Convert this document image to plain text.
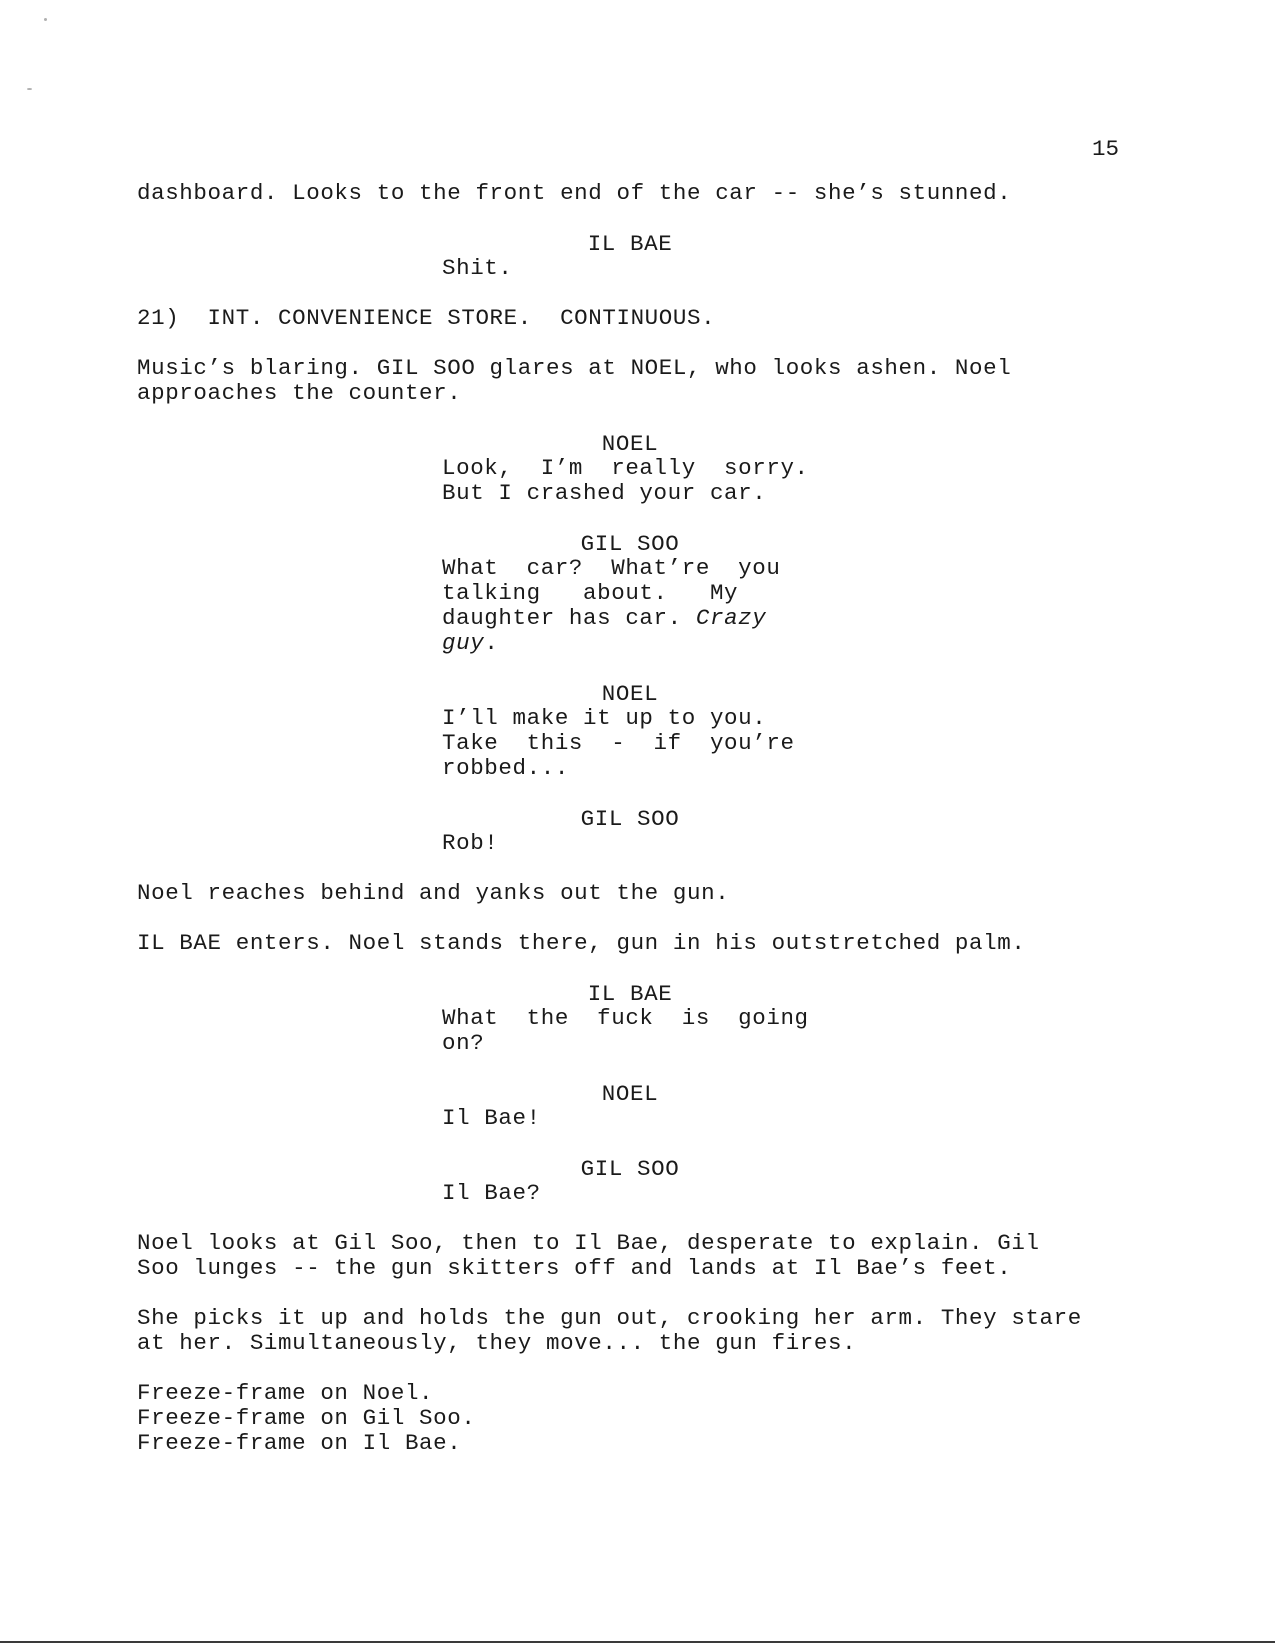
15
dashboard. Looks to the front end of the car -- she’s stunned.
IL BAE
Shit.
21)  INT. CONVENIENCE STORE.  CONTINUOUS.
Music’s blaring. GIL SOO glares at NOEL, who looks ashen. Noel
approaches the counter.
NOEL
Look,  I’m  really  sorry.
But I crashed your car.
GIL SOO
What  car?  What’re  you
talking   about.   My
daughter has car. Crazy
guy.
NOEL
I’ll make it up to you.
Take  this  -  if  you’re
robbed...
GIL SOO
Rob!
Noel reaches behind and yanks out the gun.
IL BAE enters. Noel stands there, gun in his outstretched palm.
IL BAE
What  the  fuck  is  going
on?
NOEL
Il Bae!
GIL SOO
Il Bae?
Noel looks at Gil Soo, then to Il Bae, desperate to explain. Gil
Soo lunges -- the gun skitters off and lands at Il Bae’s feet.
She picks it up and holds the gun out, crooking her arm. They stare
at her. Simultaneously, they move... the gun fires.
Freeze-frame on Noel.
Freeze-frame on Gil Soo.
Freeze-frame on Il Bae.
